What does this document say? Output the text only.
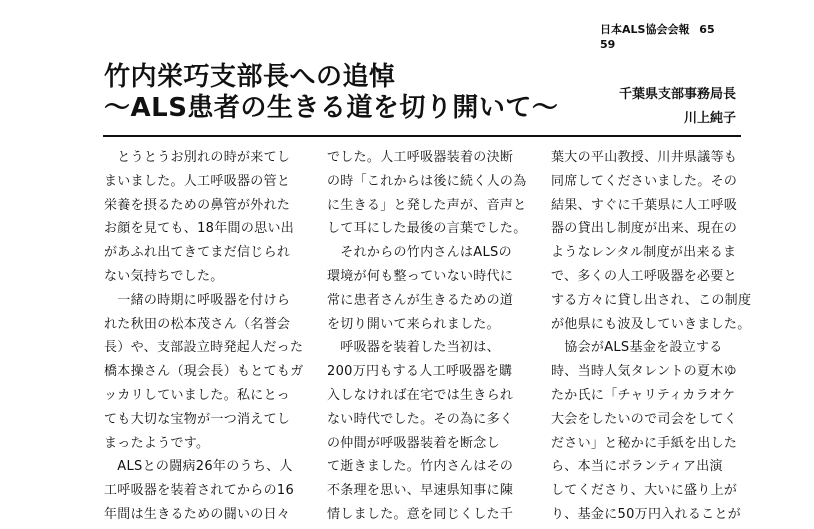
日本ALS協会会報 65
59
竹内栄巧支部長への追悼
～ALS患者の生きる道を切り開いて～	千葉県支部事務局長
川上純子

　とうとうお別れの時が来てし

まいました。人工呼吸器の管と

栄養を摂るための鼻管が外れた

お顔を見ても、18年間の思い出

があふれ出てきてまだ信じられ

ない気持ちでした。

　一緒の時期に呼吸器を付けら

れた秋田の松本茂さん（名誉会

長）や、支部設立時発起人だった

橋本操さん（現会長）もとてもガ

ッカリしていました。私にとっ

ても大切な宝物が一つ消えてし

まったようです。

　ALSとの闘病26年のうち、人

工呼吸器を装着されてからの16

年間は生きるための闘いの日々

でした。人工呼吸器装着の決断

の時「これからは後に続く人の為

に生きる」と発した声が、音声と

して耳にした最後の言葉でした。

　それからの竹内さんはALSの

環境が何も整っていない時代に

常に患者さんが生きるための道

を切り開いて来られました。

　呼吸器を装着した当初は、

200万円もする人工呼吸器を購

入しなければ在宅では生きられ

ない時代でした。その為に多く

の仲間が呼吸器装着を断念し

て逝きました。竹内さんはその

不条理を思い、早速県知事に陳

情しました。意を同じくした千

葉大の平山教授、川井県議等も

同席してくださいました。その

結果、すぐに千葉県に人工呼吸

器の貸出し制度が出来、現在の

ようなレンタル制度が出来るま

で、多くの人工呼吸器を必要と

する方々に貸し出され、この制度

が他県にも波及していきました。

　協会がALS基金を設立する

時、当時人気タレントの夏木ゆ

たか氏に「チャリティカラオケ

大会をしたいので司会をしてく

ださい」と秘かに手紙を出した

ら、本当にボランティア出演

してくださり、大いに盛り上が

り、基金に50万円入れることが
